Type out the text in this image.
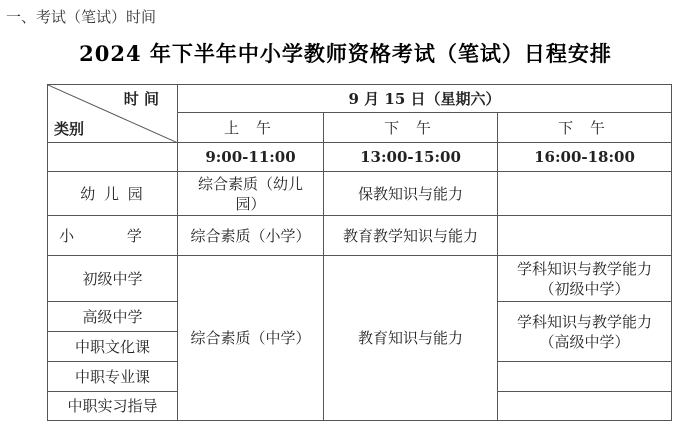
一、考试（笔试）时间
2024 年下半年中小学教师资格考试（笔试）日程安排
时 间
类别	9 月 15 日（星期六）		
	上 午	下 午	下 午
	9:00-11:00	13:00-15:00	16:00-18:00
幼 儿 园	综合素质（幼儿园）	保教知识与能力	
小 学	综合素质（小学）	教育教学知识与能力	
初级中学	综合素质（中学）	教育知识与能力	学科知识与教学能力（初级中学）
高级中学			学科知识与教学能力（高级中学）
中职文化课			
中职专业课			
中职实习指导			
